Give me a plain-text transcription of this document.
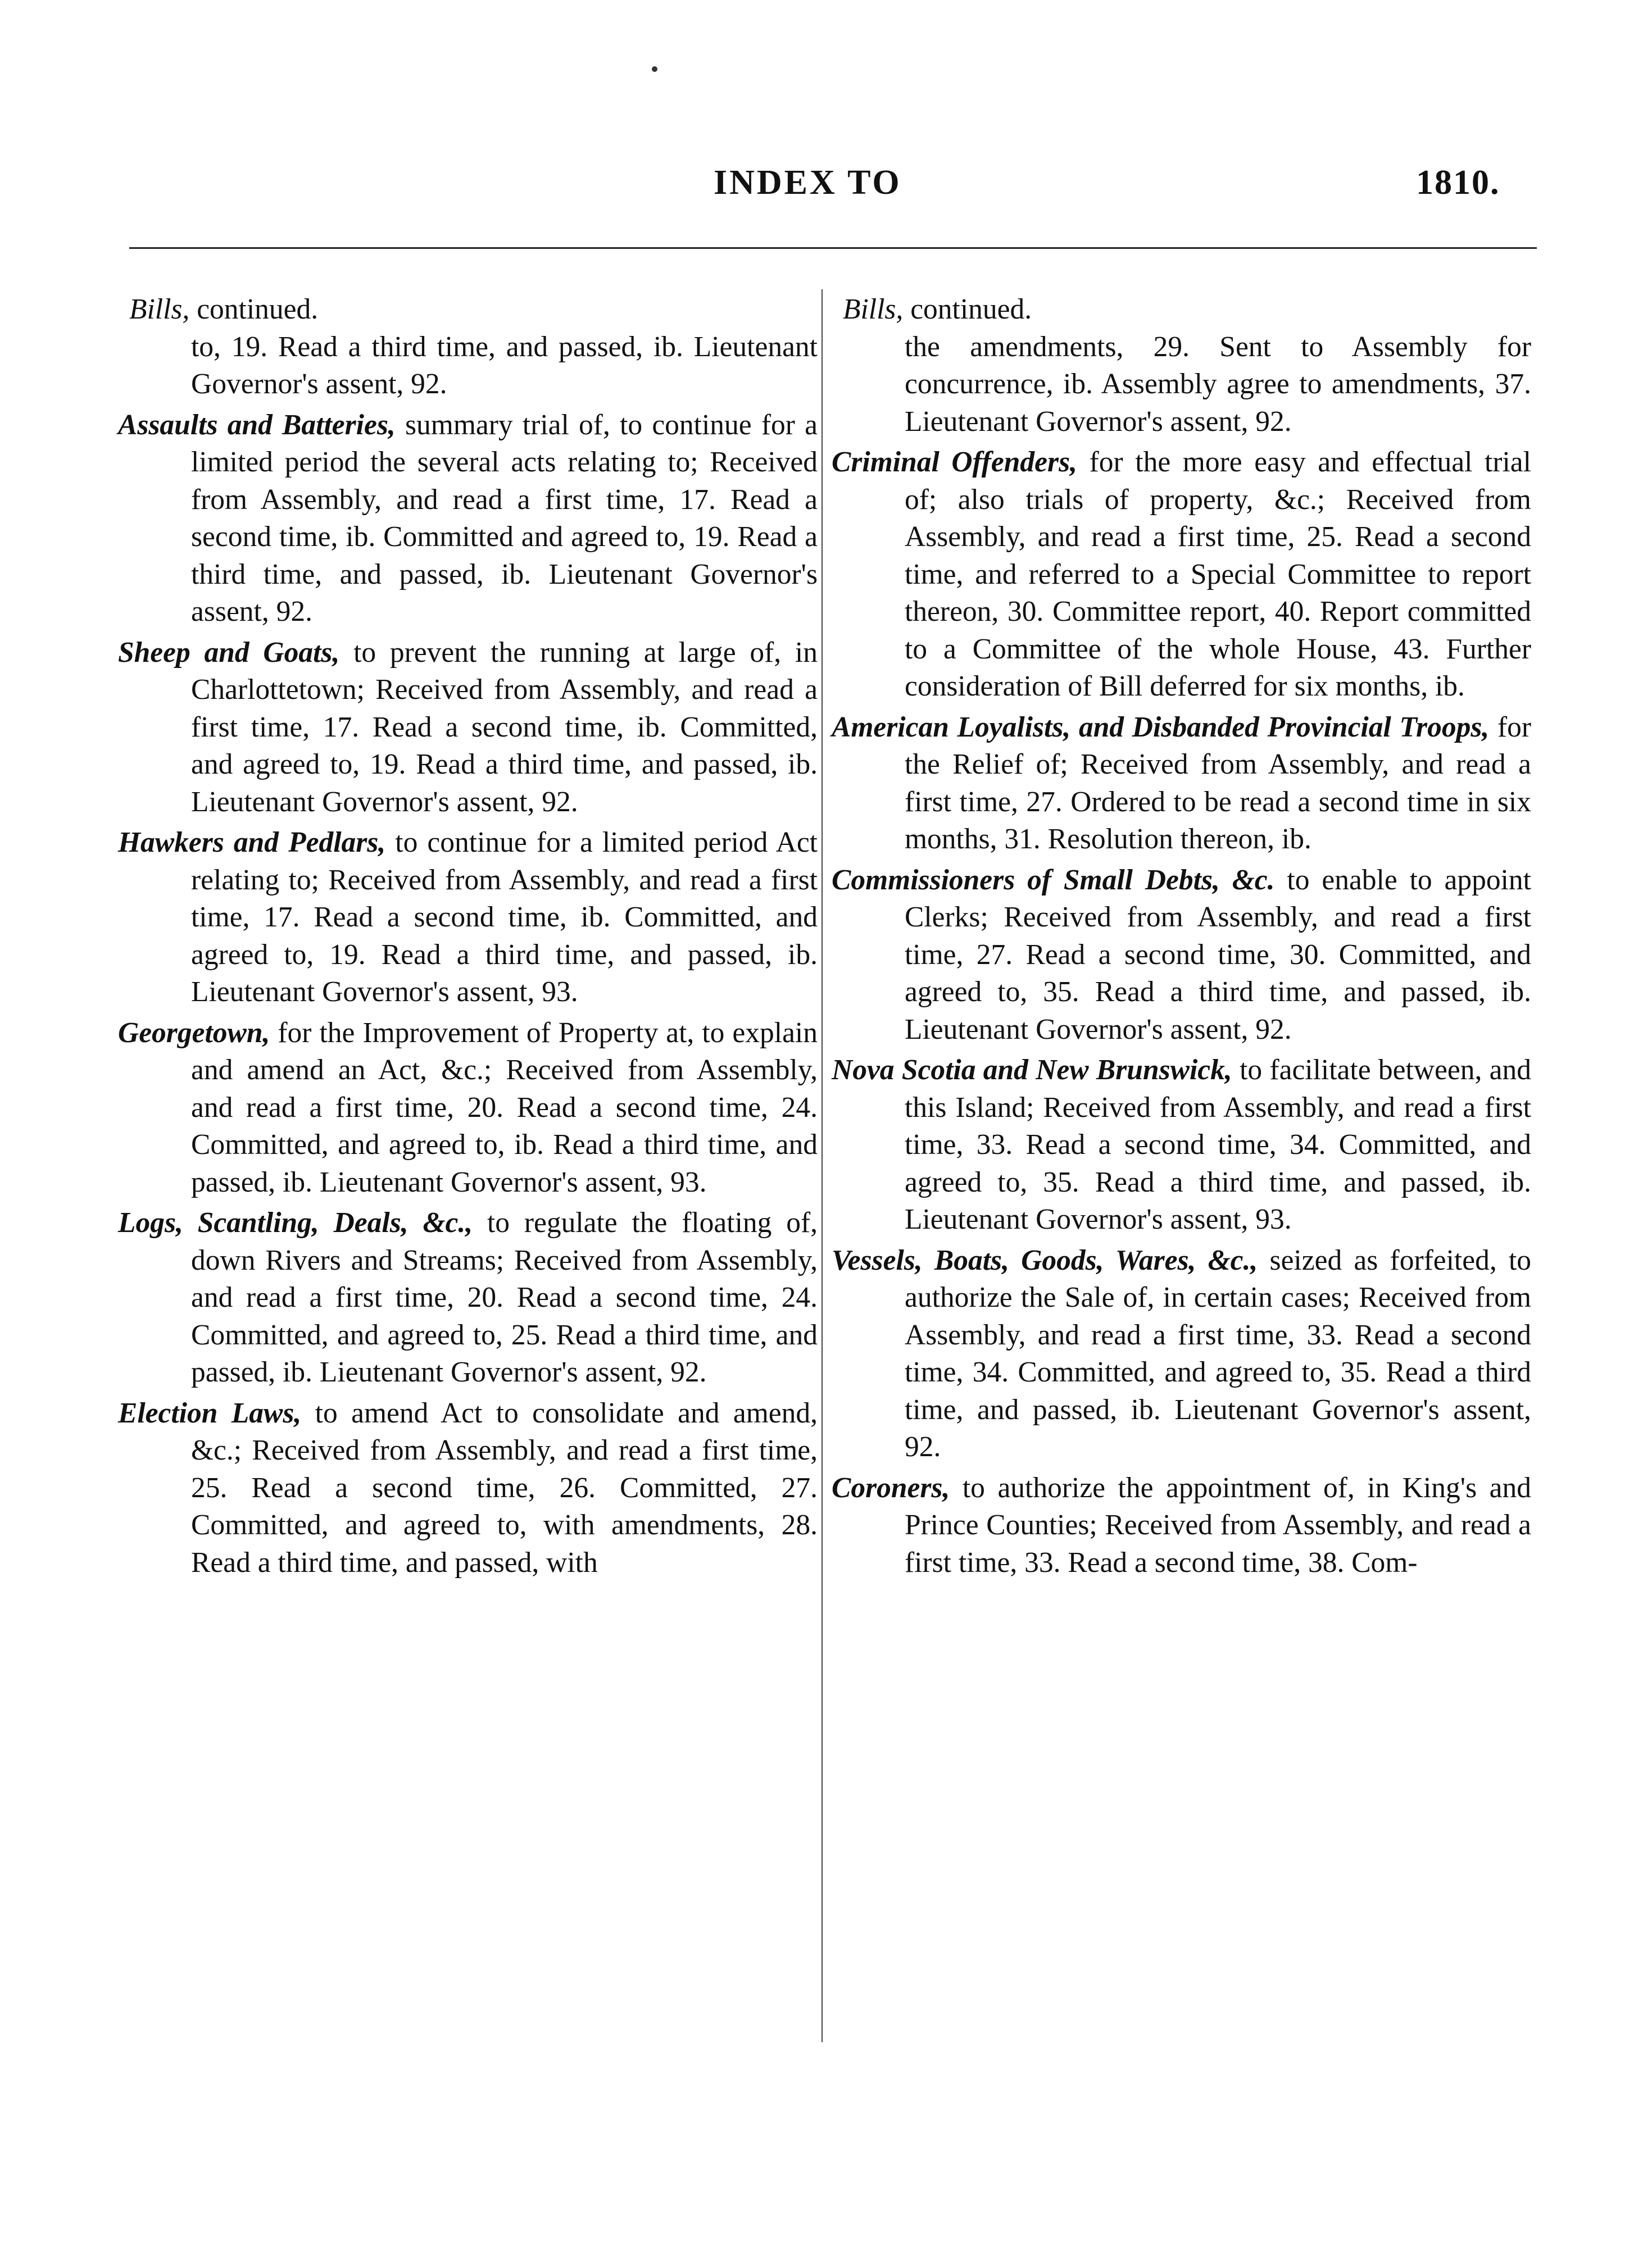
INDEX TO	1810.

Bills, continued.

to, 19. Read a third time, and passed, ib. Lieutenant Governor's assent, 92.

Assaults and Batteries, summary trial of, to continue for a limited period the several acts relating to; Received from Assembly, and read a first time, 17. Read a second time, ib. Committed and agreed to, 19. Read a third time, and passed, ib. Lieutenant Governor's assent, 92.

Sheep and Goats, to prevent the running at large of, in Charlottetown; Received from Assembly, and read a first time, 17. Read a second time, ib. Committed, and agreed to, 19. Read a third time, and passed, ib. Lieutenant Governor's assent, 92.

Hawkers and Pedlars, to continue for a limited period Act relating to; Received from Assembly, and read a first time, 17. Read a second time, ib. Committed, and agreed to, 19. Read a third time, and passed, ib. Lieutenant Governor's assent, 93.

Georgetown, for the Improvement of Property at, to explain and amend an Act, &c.; Received from Assembly, and read a first time, 20. Read a second time, 24. Committed, and agreed to, ib. Read a third time, and passed, ib. Lieutenant Governor's assent, 93.

Logs, Scantling, Deals, &c., to regulate the floating of, down Rivers and Streams; Received from Assembly, and read a first time, 20. Read a second time, 24. Committed, and agreed to, 25. Read a third time, and passed, ib. Lieutenant Governor's assent, 92.

Election Laws, to amend Act to consolidate and amend, &c.; Received from Assembly, and read a first time, 25. Read a second time, 26. Committed, 27. Committed, and agreed to, with amendments, 28. Read a third time, and passed, with

Bills, continued.

the amendments, 29. Sent to Assembly for concurrence, ib. Assembly agree to amendments, 37. Lieutenant Governor's assent, 92.

Criminal Offenders, for the more easy and effectual trial of; also trials of property, &c.; Received from Assembly, and read a first time, 25. Read a second time, and referred to a Special Committee to report thereon, 30. Committee report, 40. Report committed to a Committee of the whole House, 43. Further consideration of Bill deferred for six months, ib.

American Loyalists, and Disbanded Provincial Troops, for the Relief of; Received from Assembly, and read a first time, 27. Ordered to be read a second time in six months, 31. Resolution thereon, ib.

Commissioners of Small Debts, &c. to enable to appoint Clerks; Received from Assembly, and read a first time, 27. Read a second time, 30. Committed, and agreed to, 35. Read a third time, and passed, ib. Lieutenant Governor's assent, 92.

Nova Scotia and New Brunswick, to facilitate between, and this Island; Received from Assembly, and read a first time, 33. Read a second time, 34. Committed, and agreed to, 35. Read a third time, and passed, ib. Lieutenant Governor's assent, 93.

Vessels, Boats, Goods, Wares, &c., seized as forfeited, to authorize the Sale of, in certain cases; Received from Assembly, and read a first time, 33. Read a second time, 34. Committed, and agreed to, 35. Read a third time, and passed, ib. Lieutenant Governor's assent, 92.

Coroners, to authorize the appointment of, in King's and Prince Counties; Received from Assembly, and read a first time, 33. Read a second time, 38. Com-
